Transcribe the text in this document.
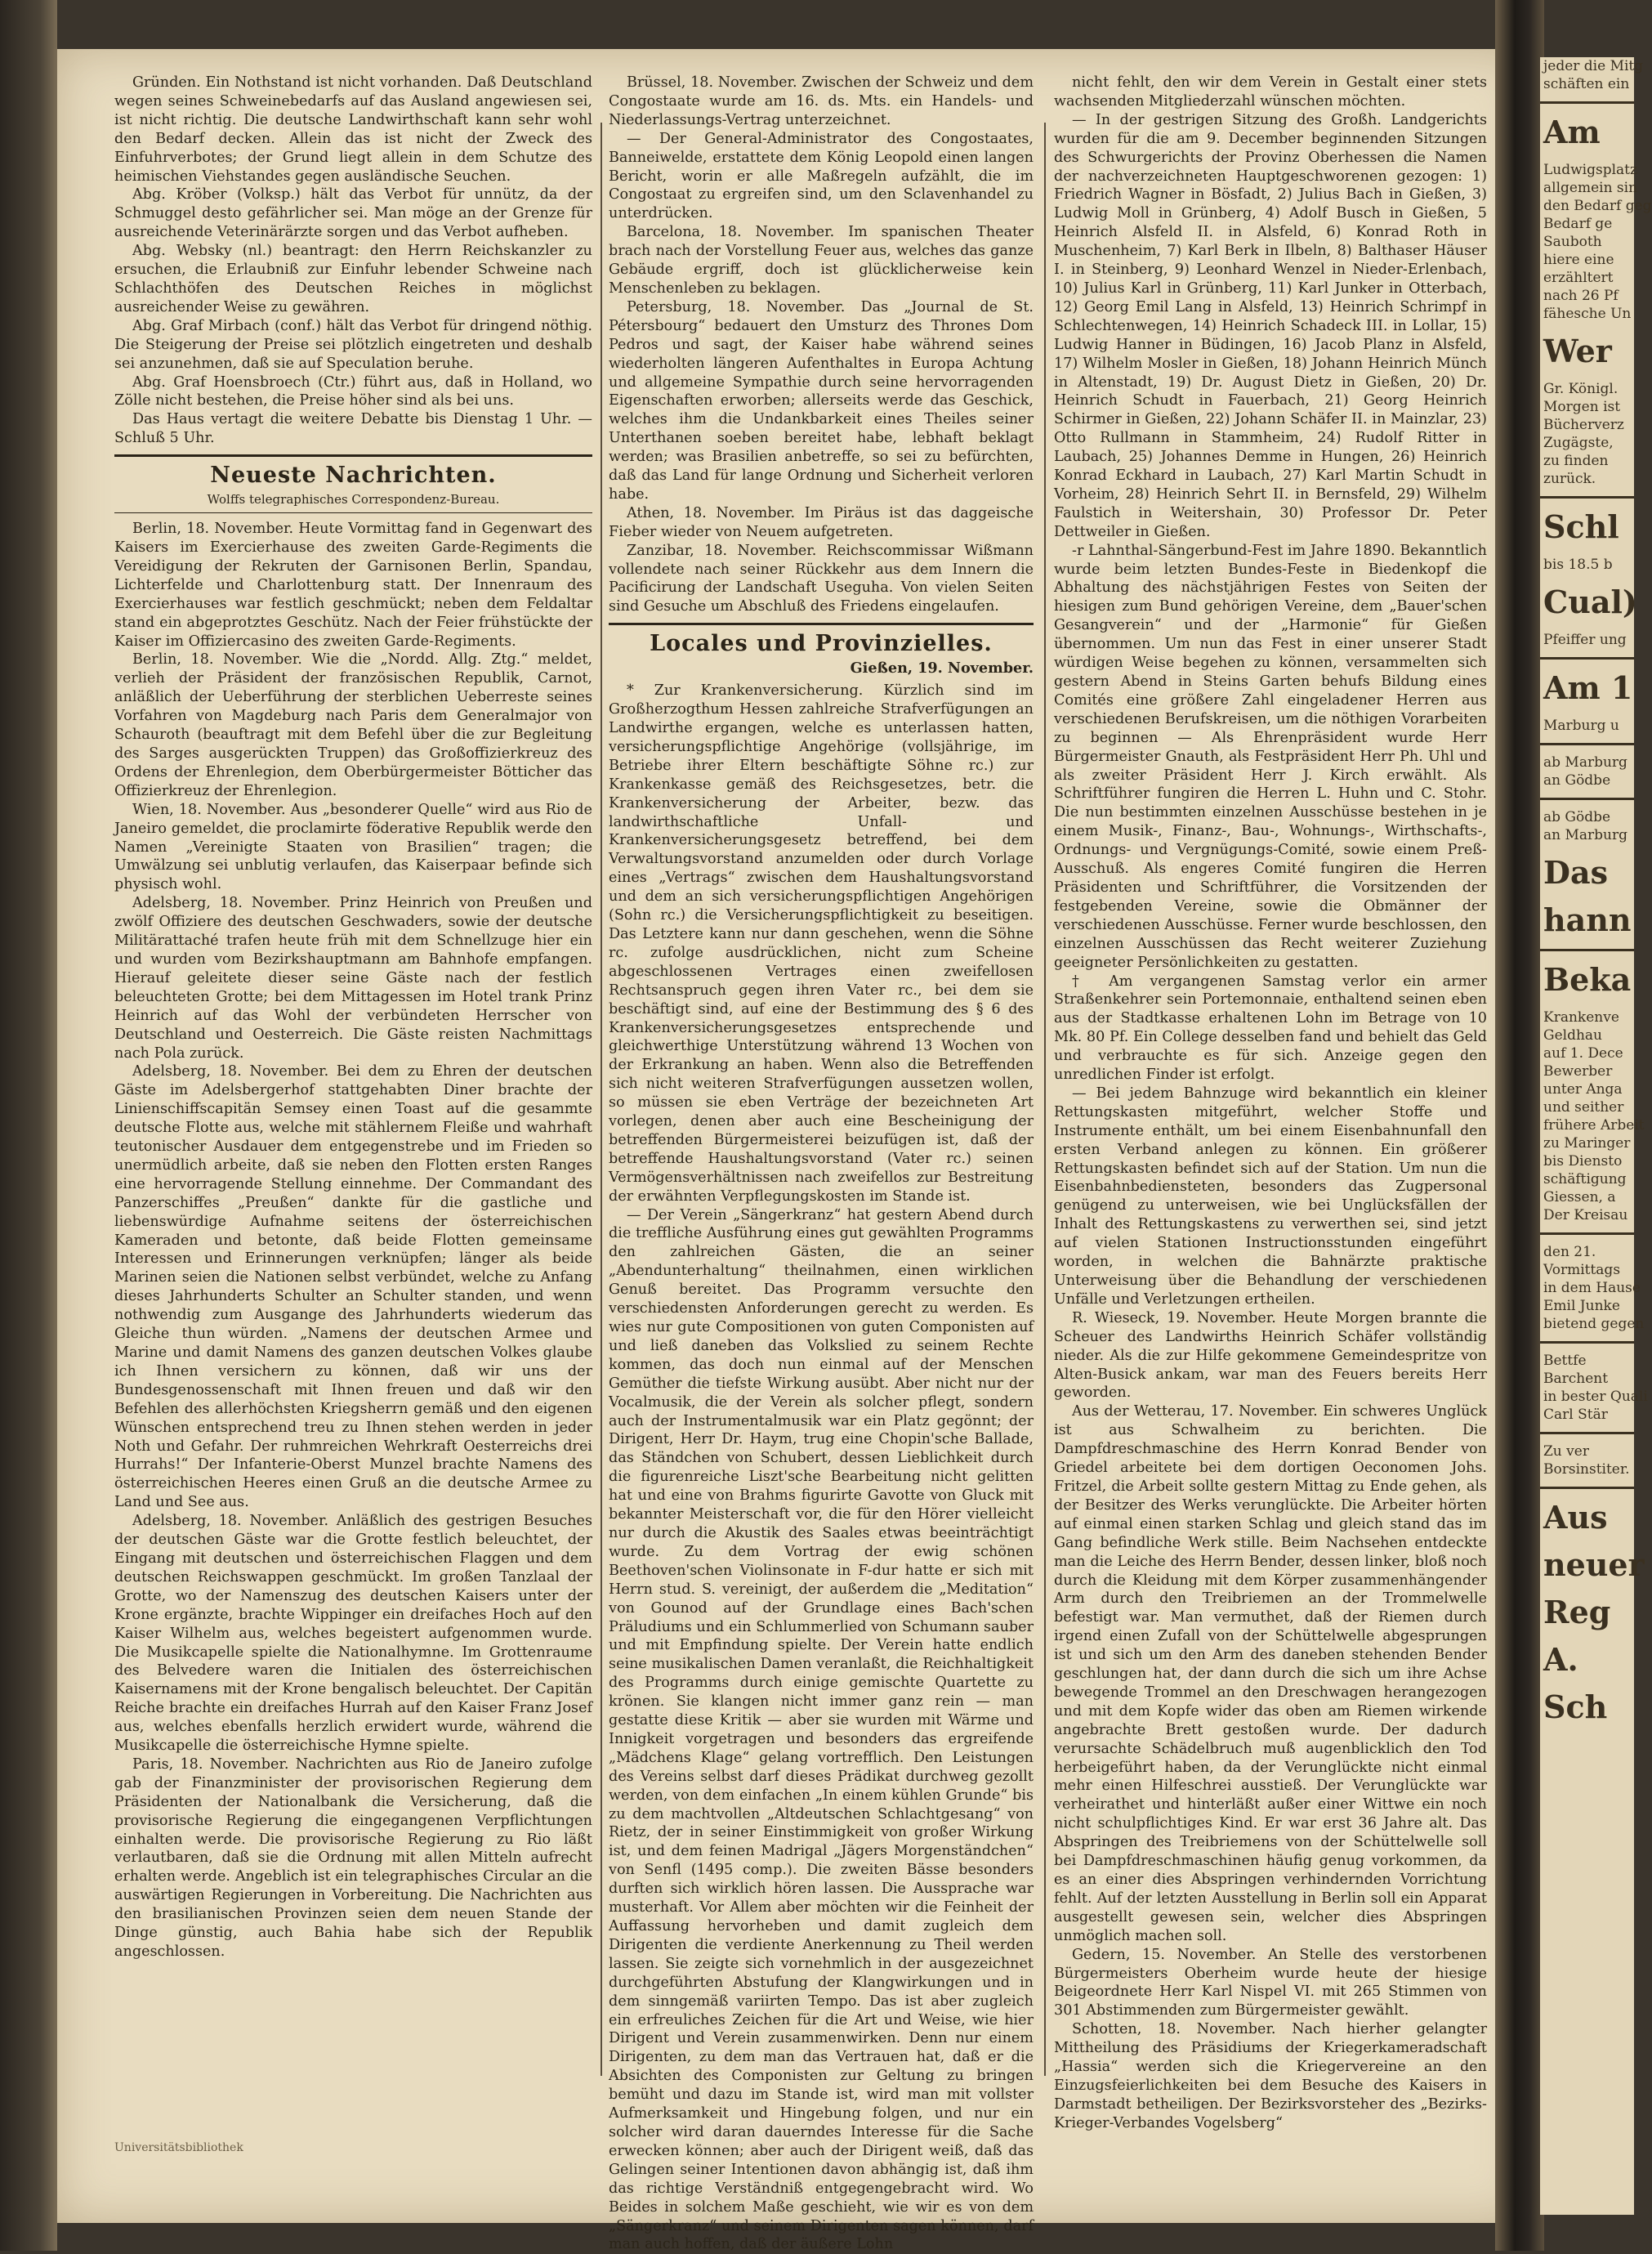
jeder die Mitg
schäften ein
Am
Ludwigsplatz
allgemein sin
den Bedarf geg
Bedarf ge
Sauboth
hiere eine
erzähltert
nach 26 Pf
fähesche Un
Wer
Gr. Königl.
Morgen ist
Bücherverz
Zugägste,
zu finden
zurück.
Schl
bis 18.5 b
Cual)
Pfeiffer ung
Am 1
Marburg u
ab Marburg
an Gödbe
ab Gödbe
an Marburg
Das
hann
Beka
Krankenve
Geldhau
auf 1. Dece
Bewerber
unter Anga
und seither
frühere Arbeit
zu Maringer
bis Diensto
schäftigung
Giessen, a
Der Kreisau
den 21.
Vormittags
in dem Hause
Emil Junke
bietend gegen
Bettfe
Barchent
in bester Quali
Carl Stär
Zu ver
Borsinstiter.
Aus
neuer
Reg
A.
Sch

Gründen. Ein Nothstand ist nicht vorhanden. Daß Deutschland wegen seines Schweinebedarfs auf das Ausland angewiesen sei, ist nicht richtig. Die deutsche Landwirthschaft kann sehr wohl den Bedarf decken. Allein das ist nicht der Zweck des Einfuhrverbotes; der Grund liegt allein in dem Schutze des heimischen Viehstandes gegen ausländische Seuchen.

Abg. Kröber (Volksp.) hält das Verbot für unnütz, da der Schmuggel desto gefährlicher sei. Man möge an der Grenze für ausreichende Veterinärärzte sorgen und das Verbot aufheben.

Abg. Websky (nl.) beantragt: den Herrn Reichskanzler zu ersuchen, die Erlaubniß zur Einfuhr lebender Schweine nach Schlachthöfen des Deutschen Reiches in möglichst ausreichender Weise zu gewähren.

Abg. Graf Mirbach (conf.) hält das Verbot für dringend nöthig. Die Steigerung der Preise sei plötzlich eingetreten und deshalb sei anzunehmen, daß sie auf Speculation beruhe.

Abg. Graf Hoensbroech (Ctr.) führt aus, daß in Holland, wo Zölle nicht bestehen, die Preise höher sind als bei uns.

Das Haus vertagt die weitere Debatte bis Dienstag 1 Uhr. — Schluß 5 Uhr.

Neueste Nachrichten.
Wolffs telegraphisches Correspondenz-Bureau.

Berlin, 18. November. Heute Vormittag fand in Gegenwart des Kaisers im Exercierhause des zweiten Garde-Regiments die Vereidigung der Rekruten der Garnisonen Berlin, Spandau, Lichterfelde und Charlottenburg statt. Der Innenraum des Exercierhauses war festlich geschmückt; neben dem Feldaltar stand ein abgeprotztes Geschütz. Nach der Feier frühstückte der Kaiser im Offiziercasino des zweiten Garde-Regiments.

Berlin, 18. November. Wie die „Nordd. Allg. Ztg.“ meldet, verlieh der Präsident der französischen Republik, Carnot, anläßlich der Ueberführung der sterblichen Ueberreste seines Vorfahren von Magdeburg nach Paris dem Generalmajor von Schauroth (beauftragt mit dem Befehl über die zur Begleitung des Sarges ausgerückten Truppen) das Großoffizierkreuz des Ordens der Ehrenlegion, dem Oberbürgermeister Bötticher das Offizierkreuz der Ehrenlegion.

Wien, 18. November. Aus „besonderer Quelle“ wird aus Rio de Janeiro gemeldet, die proclamirte föderative Republik werde den Namen „Vereinigte Staaten von Brasilien“ tragen; die Umwälzung sei unblutig verlaufen, das Kaiserpaar befinde sich physisch wohl.

Adelsberg, 18. November. Prinz Heinrich von Preußen und zwölf Offiziere des deutschen Geschwaders, sowie der deutsche Militärattaché trafen heute früh mit dem Schnellzuge hier ein und wurden vom Bezirkshauptmann am Bahnhofe empfangen. Hierauf geleitete dieser seine Gäste nach der festlich beleuchteten Grotte; bei dem Mittagessen im Hotel trank Prinz Heinrich auf das Wohl der verbündeten Herrscher von Deutschland und Oesterreich. Die Gäste reisten Nachmittags nach Pola zurück.

Adelsberg, 18. November. Bei dem zu Ehren der deutschen Gäste im Adelsbergerhof stattgehabten Diner brachte der Linienschiffscapitän Semsey einen Toast auf die gesammte deutsche Flotte aus, welche mit stählernem Fleiße und wahrhaft teutonischer Ausdauer dem entgegenstrebe und im Frieden so unermüdlich arbeite, daß sie neben den Flotten ersten Ranges eine hervorragende Stellung einnehme. Der Commandant des Panzerschiffes „Preußen“ dankte für die gastliche und liebenswürdige Aufnahme seitens der österreichischen Kameraden und betonte, daß beide Flotten gemeinsame Interessen und Erinnerungen verknüpfen; länger als beide Marinen seien die Nationen selbst verbündet, welche zu Anfang dieses Jahrhunderts Schulter an Schulter standen, und wenn nothwendig zum Ausgange des Jahrhunderts wiederum das Gleiche thun würden. „Namens der deutschen Armee und Marine und damit Namens des ganzen deutschen Volkes glaube ich Ihnen versichern zu können, daß wir uns der Bundesgenossenschaft mit Ihnen freuen und daß wir den Befehlen des allerhöchsten Kriegsherrn gemäß und den eigenen Wünschen entsprechend treu zu Ihnen stehen werden in jeder Noth und Gefahr. Der ruhmreichen Wehrkraft Oesterreichs drei Hurrahs!“ Der Infanterie-Oberst Munzel brachte Namens des österreichischen Heeres einen Gruß an die deutsche Armee zu Land und See aus.

Adelsberg, 18. November. Anläßlich des gestrigen Besuches der deutschen Gäste war die Grotte festlich beleuchtet, der Eingang mit deutschen und österreichischen Flaggen und dem deutschen Reichswappen geschmückt. Im großen Tanzlaal der Grotte, wo der Namenszug des deutschen Kaisers unter der Krone ergänzte, brachte Wippinger ein dreifaches Hoch auf den Kaiser Wilhelm aus, welches begeistert aufgenommen wurde. Die Musikcapelle spielte die Nationalhymne. Im Grottenraume des Belvedere waren die Initialen des österreichischen Kaisernamens mit der Krone bengalisch beleuchtet. Der Capitän Reiche brachte ein dreifaches Hurrah auf den Kaiser Franz Josef aus, welches ebenfalls herzlich erwidert wurde, während die Musikcapelle die österreichische Hymne spielte.

Paris, 18. November. Nachrichten aus Rio de Janeiro zufolge gab der Finanzminister der provisorischen Regierung dem Präsidenten der Nationalbank die Versicherung, daß die provisorische Regierung die eingegangenen Verpflichtungen einhalten werde. Die provisorische Regierung zu Rio läßt verlautbaren, daß sie die Ordnung mit allen Mitteln aufrecht erhalten werde. Angeblich ist ein telegraphisches Circular an die auswärtigen Regierungen in Vorbereitung. Die Nachrichten aus den brasilianischen Provinzen seien dem neuen Stande der Dinge günstig, auch Bahia habe sich der Republik angeschlossen.

Brüssel, 18. November. Zwischen der Schweiz und dem Congostaate wurde am 16. ds. Mts. ein Handels- und Niederlassungs-Vertrag unterzeichnet.

— Der General-Administrator des Congostaates, Banneiwelde, erstattete dem König Leopold einen langen Bericht, worin er alle Maßregeln aufzählt, die im Congostaat zu ergreifen sind, um den Sclavenhandel zu unterdrücken.

Barcelona, 18. November. Im spanischen Theater brach nach der Vorstellung Feuer aus, welches das ganze Gebäude ergriff, doch ist glücklicherweise kein Menschenleben zu beklagen.

Petersburg, 18. November. Das „Journal de St. Pétersbourg“ bedauert den Umsturz des Thrones Dom Pedros und sagt, der Kaiser habe während seines wiederholten längeren Aufenthaltes in Europa Achtung und allgemeine Sympathie durch seine hervorragenden Eigenschaften erworben; allerseits werde das Geschick, welches ihm die Undankbarkeit eines Theiles seiner Unterthanen soeben bereitet habe, lebhaft beklagt werden; was Brasilien anbetreffe, so sei zu befürchten, daß das Land für lange Ordnung und Sicherheit verloren habe.

Athen, 18. November. Im Piräus ist das daggeische Fieber wieder von Neuem aufgetreten.

Zanzibar, 18. November. Reichscommissar Wißmann vollendete nach seiner Rückkehr aus dem Innern die Pacificirung der Landschaft Useguha. Von vielen Seiten sind Gesuche um Abschluß des Friedens eingelaufen.

Locales und Provinzielles.
Gießen, 19. November.

* Zur Krankenversicherung. Kürzlich sind im Großherzogthum Hessen zahlreiche Strafverfügungen an Landwirthe ergangen, welche es unterlassen hatten, versicherungspflichtige Angehörige (vollsjährige, im Betriebe ihrer Eltern beschäftigte Söhne rc.) zur Krankenkasse gemäß des Reichsgesetzes, betr. die Krankenversicherung der Arbeiter, bezw. das landwirthschaftliche Unfall- und Krankenversicherungsgesetz betreffend, bei dem Verwaltungsvorstand anzumelden oder durch Vorlage eines „Vertrags“ zwischen dem Haushaltungsvorstand und dem an sich versicherungspflichtigen Angehörigen (Sohn rc.) die Versicherungspflichtigkeit zu beseitigen. Das Letztere kann nur dann geschehen, wenn die Söhne rc. zufolge ausdrücklichen, nicht zum Scheine abgeschlossenen Vertrages einen zweifellosen Rechtsanspruch gegen ihren Vater rc., bei dem sie beschäftigt sind, auf eine der Bestimmung des § 6 des Krankenversicherungsgesetzes entsprechende und gleichwerthige Unterstützung während 13 Wochen von der Erkrankung an haben. Wenn also die Betreffenden sich nicht weiteren Strafverfügungen aussetzen wollen, so müssen sie eben Verträge der bezeichneten Art vorlegen, denen aber auch eine Bescheinigung der betreffenden Bürgermeisterei beizufügen ist, daß der betreffende Haushaltungsvorstand (Vater rc.) seinen Vermögensverhältnissen nach zweifellos zur Bestreitung der erwähnten Verpflegungskosten im Stande ist.

— Der Verein „Sängerkranz“ hat gestern Abend durch die treffliche Ausführung eines gut gewählten Programms den zahlreichen Gästen, die an seiner „Abendunterhaltung“ theilnahmen, einen wirklichen Genuß bereitet. Das Programm versuchte den verschiedensten Anforderungen gerecht zu werden. Es wies nur gute Compositionen von guten Componisten auf und ließ daneben das Volkslied zu seinem Rechte kommen, das doch nun einmal auf der Menschen Gemüther die tiefste Wirkung ausübt. Aber nicht nur der Vocalmusik, die der Verein als solcher pflegt, sondern auch der Instrumentalmusik war ein Platz gegönnt; der Dirigent, Herr Dr. Haym, trug eine Chopin'sche Ballade, das Ständchen von Schubert, dessen Lieblichkeit durch die figurenreiche Liszt'sche Bearbeitung nicht gelitten hat und eine von Brahms figurirte Gavotte von Gluck mit bekannter Meisterschaft vor, die für den Hörer vielleicht nur durch die Akustik des Saales etwas beeinträchtigt wurde. Zu dem Vortrag der ewig schönen Beethoven'schen Violinsonate in F-dur hatte er sich mit Herrn stud. S. vereinigt, der außerdem die „Meditation“ von Gounod auf der Grundlage eines Bach'schen Präludiums und ein Schlummerlied von Schumann sauber und mit Empfindung spielte. Der Verein hatte endlich seine musikalischen Damen veranlaßt, die Reichhaltigkeit des Programms durch einige gemischte Quartette zu krönen. Sie klangen nicht immer ganz rein — man gestatte diese Kritik — aber sie wurden mit Wärme und Innigkeit vorgetragen und besonders das ergreifende „Mädchens Klage“ gelang vortrefflich. Den Leistungen des Vereins selbst darf dieses Prädikat durchweg gezollt werden, von dem einfachen „In einem kühlen Grunde“ bis zu dem machtvollen „Altdeutschen Schlachtgesang“ von Rietz, der in seiner Einstimmigkeit von großer Wirkung ist, und dem feinen Madrigal „Jägers Morgenständchen“ von Senfl (1495 comp.). Die zweiten Bässe besonders durften sich wirklich hören lassen. Die Aussprache war musterhaft. Vor Allem aber möchten wir die Feinheit der Auffassung hervorheben und damit zugleich dem Dirigenten die verdiente Anerkennung zu Theil werden lassen. Sie zeigte sich vornehmlich in der ausgezeichnet durchgeführten Abstufung der Klangwirkungen und in dem sinngemäß variirten Tempo. Das ist aber zugleich ein erfreuliches Zeichen für die Art und Weise, wie hier Dirigent und Verein zusammenwirken. Denn nur einem Dirigenten, zu dem man das Vertrauen hat, daß er die Absichten des Componisten zur Geltung zu bringen bemüht und dazu im Stande ist, wird man mit vollster Aufmerksamkeit und Hingebung folgen, und nur ein solcher wird daran dauerndes Interesse für die Sache erwecken können; aber auch der Dirigent weiß, daß das Gelingen seiner Intentionen davon abhängig ist, daß ihm das richtige Verständniß entgegengebracht wird. Wo Beides in solchem Maße geschieht, wie wir es von dem „Sängerkranz“ und seinem Dirigenten sagen können, darf man auch hoffen, daß der äußere Lohn

nicht fehlt, den wir dem Verein in Gestalt einer stets wachsenden Mitgliederzahl wünschen möchten.

— In der gestrigen Sitzung des Großh. Landgerichts wurden für die am 9. December beginnenden Sitzungen des Schwurgerichts der Provinz Oberhessen die Namen der nachverzeichneten Hauptgeschworenen gezogen: 1) Friedrich Wagner in Bösfadt, 2) Julius Bach in Gießen, 3) Ludwig Moll in Grünberg, 4) Adolf Busch in Gießen, 5 Heinrich Alsfeld II. in Alsfeld, 6) Konrad Roth in Muschenheim, 7) Karl Berk in Ilbeln, 8) Balthaser Häuser I. in Steinberg, 9) Leonhard Wenzel in Nieder-Erlenbach, 10) Julius Karl in Grünberg, 11) Karl Junker in Otterbach, 12) Georg Emil Lang in Alsfeld, 13) Heinrich Schrimpf in Schlechtenwegen, 14) Heinrich Schadeck III. in Lollar, 15) Ludwig Hanner in Büdingen, 16) Jacob Planz in Alsfeld, 17) Wilhelm Mosler in Gießen, 18) Johann Heinrich Münch in Altenstadt, 19) Dr. August Dietz in Gießen, 20) Dr. Heinrich Schudt in Fauerbach, 21) Georg Heinrich Schirmer in Gießen, 22) Johann Schäfer II. in Mainzlar, 23) Otto Rullmann in Stammheim, 24) Rudolf Ritter in Laubach, 25) Johannes Demme in Hungen, 26) Heinrich Konrad Eckhard in Laubach, 27) Karl Martin Schudt in Vorheim, 28) Heinrich Sehrt II. in Bernsfeld, 29) Wilhelm Faulstich in Weitershain, 30) Professor Dr. Peter Dettweiler in Gießen.

-r Lahnthal-Sängerbund-Fest im Jahre 1890. Bekanntlich wurde beim letzten Bundes-Feste in Biedenkopf die Abhaltung des nächstjährigen Festes von Seiten der hiesigen zum Bund gehörigen Vereine, dem „Bauer'schen Gesangverein“ und der „Harmonie“ für Gießen übernommen. Um nun das Fest in einer unserer Stadt würdigen Weise begehen zu können, versammelten sich gestern Abend in Steins Garten behufs Bildung eines Comités eine größere Zahl eingeladener Herren aus verschiedenen Berufskreisen, um die nöthigen Vorarbeiten zu beginnen — Als Ehrenpräsident wurde Herr Bürgermeister Gnauth, als Festpräsident Herr Ph. Uhl und als zweiter Präsident Herr J. Kirch erwählt. Als Schriftführer fungiren die Herren L. Huhn und C. Stohr. Die nun bestimmten einzelnen Ausschüsse bestehen in je einem Musik-, Finanz-, Bau-, Wohnungs-, Wirthschafts-, Ordnungs- und Vergnügungs-Comité, sowie einem Preß-Ausschuß. Als engeres Comité fungiren die Herren Präsidenten und Schriftführer, die Vorsitzenden der festgebenden Vereine, sowie die Obmänner der verschiedenen Ausschüsse. Ferner wurde beschlossen, den einzelnen Ausschüssen das Recht weiterer Zuziehung geeigneter Persönlichkeiten zu gestatten.

† Am vergangenen Samstag verlor ein armer Straßenkehrer sein Portemonnaie, enthaltend seinen eben aus der Stadtkasse erhaltenen Lohn im Betrage von 10 Mk. 80 Pf. Ein College desselben fand und behielt das Geld und verbrauchte es für sich. Anzeige gegen den unredlichen Finder ist erfolgt.

— Bei jedem Bahnzuge wird bekanntlich ein kleiner Rettungskasten mitgeführt, welcher Stoffe und Instrumente enthält, um bei einem Eisenbahnunfall den ersten Verband anlegen zu können. Ein größerer Rettungskasten befindet sich auf der Station. Um nun die Eisenbahnbediensteten, besonders das Zugpersonal genügend zu unterweisen, wie bei Unglücksfällen der Inhalt des Rettungskastens zu verwerthen sei, sind jetzt auf vielen Stationen Instructionsstunden eingeführt worden, in welchen die Bahnärzte praktische Unterweisung über die Behandlung der verschiedenen Unfälle und Verletzungen ertheilen.

R. Wieseck, 19. November. Heute Morgen brannte die Scheuer des Landwirths Heinrich Schäfer vollständig nieder. Als die zur Hilfe gekommene Gemeindespritze von Alten-Busick ankam, war man des Feuers bereits Herr geworden.

Aus der Wetterau, 17. November. Ein schweres Unglück ist aus Schwalheim zu berichten. Die Dampfdreschmaschine des Herrn Konrad Bender von Griedel arbeitete bei dem dortigen Oeconomen Johs. Fritzel, die Arbeit sollte gestern Mittag zu Ende gehen, als der Besitzer des Werks verunglückte. Die Arbeiter hörten auf einmal einen starken Schlag und gleich stand das im Gang befindliche Werk stille. Beim Nachsehen entdeckte man die Leiche des Herrn Bender, dessen linker, bloß noch durch die Kleidung mit dem Körper zusammenhängender Arm durch den Treibriemen an der Trommelwelle befestigt war. Man vermuthet, daß der Riemen durch irgend einen Zufall von der Schüttelwelle abgesprungen ist und sich um den Arm des daneben stehenden Bender geschlungen hat, der dann durch die sich um ihre Achse bewegende Trommel an den Dreschwagen herangezogen und mit dem Kopfe wider das oben am Riemen wirkende angebrachte Brett gestoßen wurde. Der dadurch verursachte Schädelbruch muß augenblicklich den Tod herbeigeführt haben, da der Verunglückte nicht einmal mehr einen Hilfeschrei ausstieß. Der Verunglückte war verheirathet und hinterläßt außer einer Wittwe ein noch nicht schulpflichtiges Kind. Er war erst 36 Jahre alt. Das Abspringen des Treibriemens von der Schüttelwelle soll bei Dampfdreschmaschinen häufig genug vorkommen, da es an einer dies Abspringen verhindernden Vorrichtung fehlt. Auf der letzten Ausstellung in Berlin soll ein Apparat ausgestellt gewesen sein, welcher dies Abspringen unmöglich machen soll.

Gedern, 15. November. An Stelle des verstorbenen Bürgermeisters Oberheim wurde heute der hiesige Beigeordnete Herr Karl Nispel VI. mit 265 Stimmen von 301 Abstimmenden zum Bürgermeister gewählt.

Schotten, 18. November. Nach hierher gelangter Mittheilung des Präsidiums der Kriegerkameradschaft „Hassia“ werden sich die Kriegervereine an den Einzugsfeierlichkeiten bei dem Besuche des Kaisers in Darmstadt betheiligen. Der Bezirksvorsteher des „Bezirks-Krieger-Verbandes Vogelsberg“

Universitätsbibliothek
